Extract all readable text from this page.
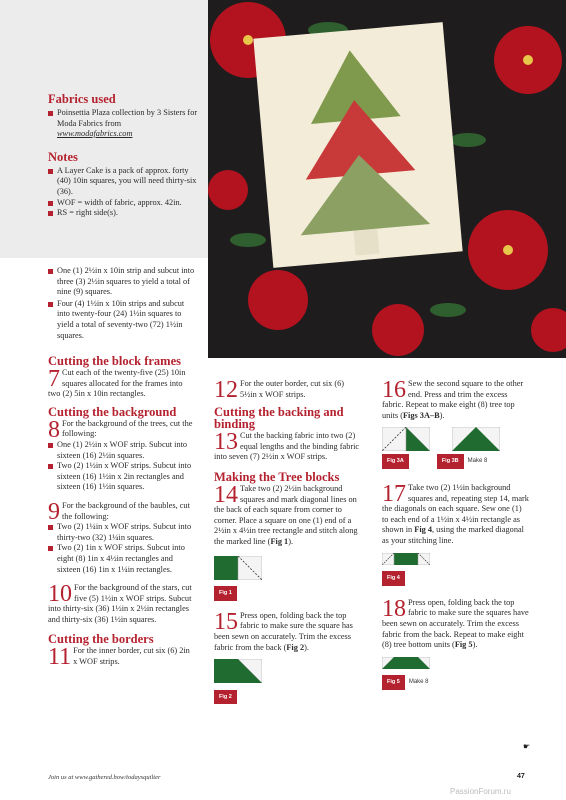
Fabrics used
Poinsettia Plaza collection by 3 Sisters for Moda Fabrics from www.modafabrics.com
Notes
A Layer Cake is a pack of approx. forty (40) 10in squares, you will need thirty-six (36).
WOF = width of fabric, approx. 42in.
RS = right side(s).
One (1) 2½in x 10in strip and subcut into three (3) 2½in squares to yield a total of nine (9) squares.
Four (4) 1½in x 10in strips and subcut into twenty-four (24) 1½in squares to yield a total of seventy-two (72) 1½in squares.
Cutting the block frames
7 Cut each of the twenty-five (25) 10in squares allocated for the frames into two (2) 5in x 10in rectangles.

Cutting the background
8 For the background of the trees, cut the following:

One (1) 2½in x WOF strip. Subcut into sixteen (16) 2½in squares.
Two (2) 1½in x WOF strips. Subcut into sixteen (16) 1½in x 2in rectangles and sixteen (16) 1½in squares.
9 For the background of the baubles, cut the following:

Two (2) 1¼in x WOF strips. Subcut into thirty-two (32) 1¼in squares.
Two (2) 1in x WOF strips. Subcut into eight (8) 1in x 4½in rectangles and sixteen (16) 1in x 1¼in rectangles.
10 For the background of the stars, cut five (5) 1½in x WOF strips. Subcut into thirty-six (36) 1½in x 2½in rectangles and thirty-six (36) 1½in squares.

Cutting the borders
11 For the inner border, cut six (6) 2in x WOF strips.

12 For the outer border, cut six (6) 5½in x WOF strips.

Cutting the backing and binding
13 Cut the backing fabric into two (2) equal lengths and the binding fabric into seven (7) 2½in x WOF strips.

Making the Tree blocks
14 Take two (2) 2½in background squares and mark diagonal lines on the back of each square from corner to corner. Place a square on one (1) end of a 2½in x 4½in tree rectangle and stitch along the marked line (Fig 1).

Fig 1
15 Press open, folding back the top fabric to make sure the square has been sewn on accurately. Trim the excess fabric from the back (Fig 2).

Fig 2
16 Sew the second square to the other end. Press and trim the excess fabric. Repeat to make eight (8) tree top units (Figs 3A–B).

Fig 3A	Fig 3B	Make 8
17 Take two (2) 1½in background squares and, repeating step 14, mark the diagonals on each square. Sew one (1) to each end of a 1½in x 4½in rectangle as shown in Fig 4, using the marked diagonal as your stitching line.

Fig 4
18 Press open, folding back the top fabric to make sure the squares have been sewn on accurately. Trim the excess fabric from the back. Repeat to make eight (8) tree bottom units (Fig 5).

Fig 5	Make 8
☛
Join us at www.gathered.how/todaysquilter	47
PassionForum.ru
